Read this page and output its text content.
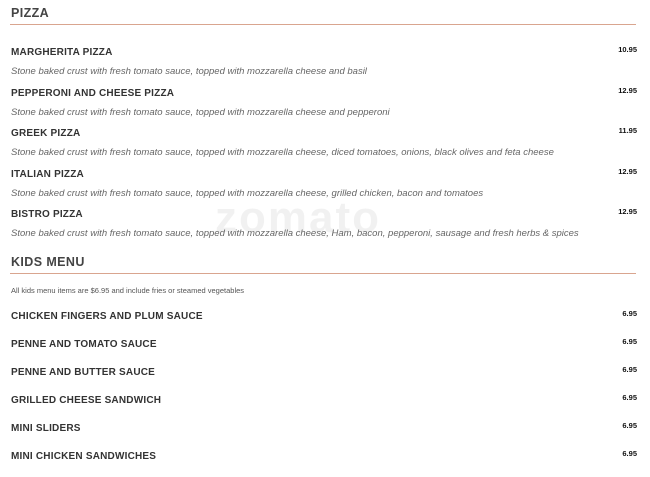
zomato
PIZZA
MARGHERITA PIZZA	10.95
Stone baked crust with fresh tomato sauce, topped with mozzarella cheese and basil
PEPPERONI AND CHEESE PIZZA	12.95
Stone baked crust with fresh tomato sauce, topped with mozzarella cheese and pepperoni
GREEK PIZZA	11.95
Stone baked crust with fresh tomato sauce, topped with mozzarella cheese, diced tomatoes, onions, black olives and feta cheese
ITALIAN PIZZA	12.95
Stone baked crust with fresh tomato sauce, topped with mozzarella cheese, grilled chicken, bacon and tomatoes
BISTRO PIZZA	12.95
Stone baked crust with fresh tomato sauce, topped with mozzarella cheese, Ham, bacon, pepperoni, sausage and fresh herbs & spices
KIDS MENU
All kids menu items are $6.95 and include fries or steamed vegetables
CHICKEN FINGERS AND PLUM SAUCE	6.95
PENNE AND TOMATO SAUCE	6.95
PENNE AND BUTTER SAUCE	6.95
GRILLED CHEESE SANDWICH	6.95
MINI SLIDERS	6.95
MINI CHICKEN SANDWICHES	6.95
